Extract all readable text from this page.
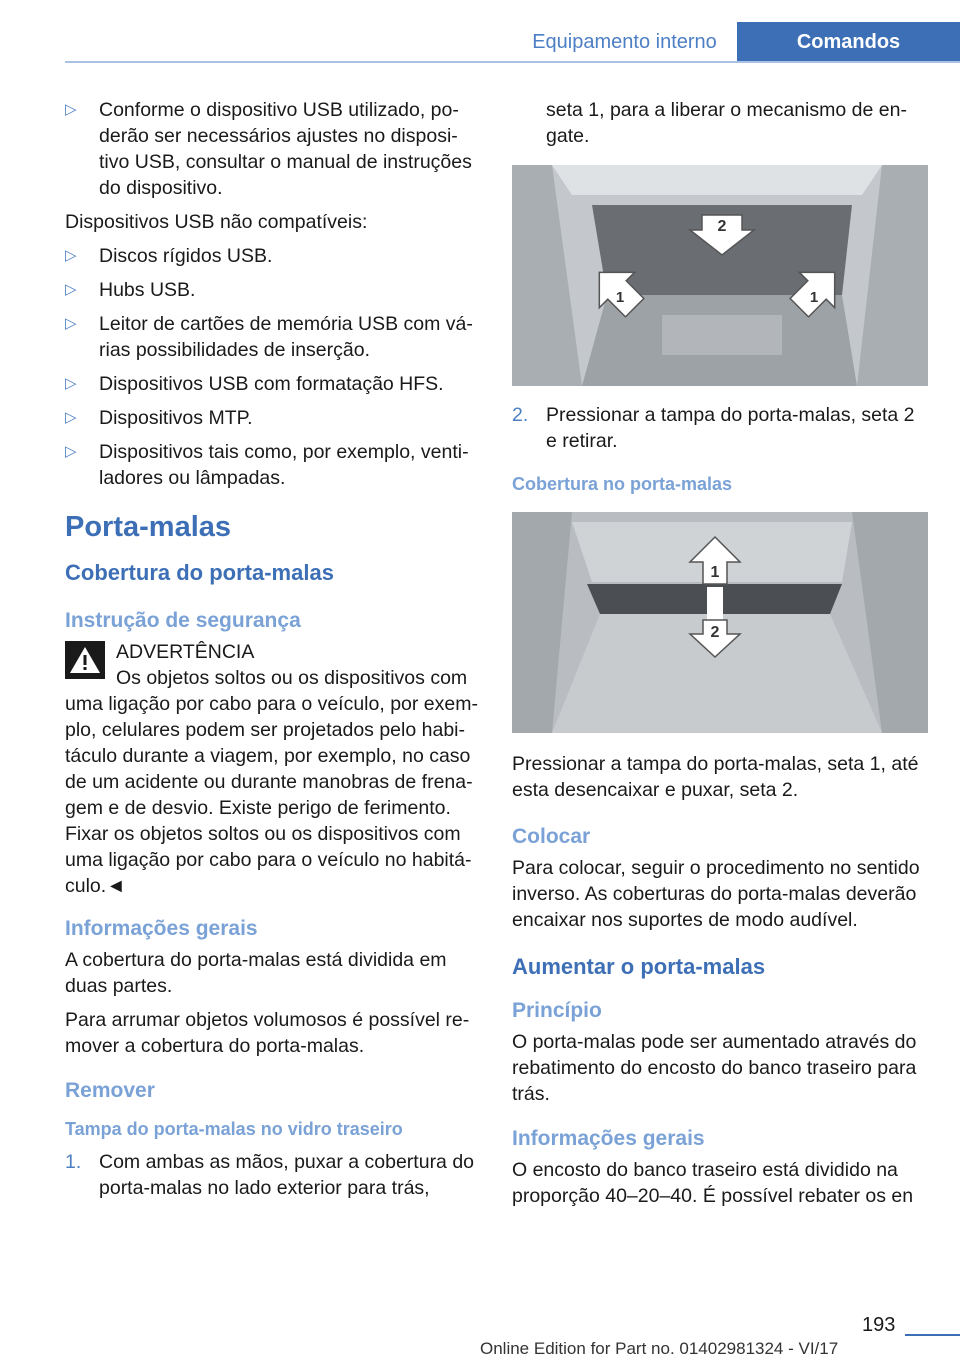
Equipamento interno	Comandos
▷ Conforme o dispositivo USB utilizado, poderão ser necessários ajustes no dispositivo USB, consultar o manual de instruções do dispositivo.

Dispositivos USB não compatíveis:

▷ Discos rígidos USB.
▷ Hubs USB.
▷ Leitor de cartões de memória USB com várias possibilidades de inserção.
▷ Dispositivos USB com formatação HFS.
▷ Dispositivos MTP.
▷ Dispositivos tais como, por exemplo, ventiladores ou lâmpadas.
Porta-malas
Cobertura do porta-malas
Instrução de segurança

ADVERTÊNCIA

Os objetos soltos ou os dispositivos com uma ligação por cabo para o veículo, por exemplo, celulares podem ser projetados pelo habitáculo durante a viagem, por exemplo, no caso de um acidente ou durante manobras de frenagem e de desvio. Existe perigo de ferimento. Fixar os objetos soltos ou os dispositivos com uma ligação por cabo para o veículo no habitáculo.◄

Informações gerais

A cobertura do porta-malas está dividida em duas partes.

Para arrumar objetos volumosos é possível remover a cobertura do porta-malas.

Remover
Tampa do porta-malas no vidro traseiro
1. Com ambas as mãos, puxar a cobertura do porta-malas no lado exterior para trás,

seta 1, para a liberar o mecanismo de engate.

2
1	1
2. Pressionar a tampa do porta-malas, seta 2 e retirar.
Cobertura no porta-malas
1
2

Pressionar a tampa do porta-malas, seta 1, até esta desencaixar e puxar, seta 2.

Colocar

Para colocar, seguir o procedimento no sentido inverso. As coberturas do porta-malas deverão encaixar nos suportes de modo audível.

Aumentar o porta-malas
Princípio

O porta-malas pode ser aumentado através do rebatimento do encosto do banco traseiro para trás.

Informações gerais

O encosto do banco traseiro está dividido na proporção 40–20–40. É possível rebater os en

193
Online Edition for Part no. 01402981324 - VI/17
